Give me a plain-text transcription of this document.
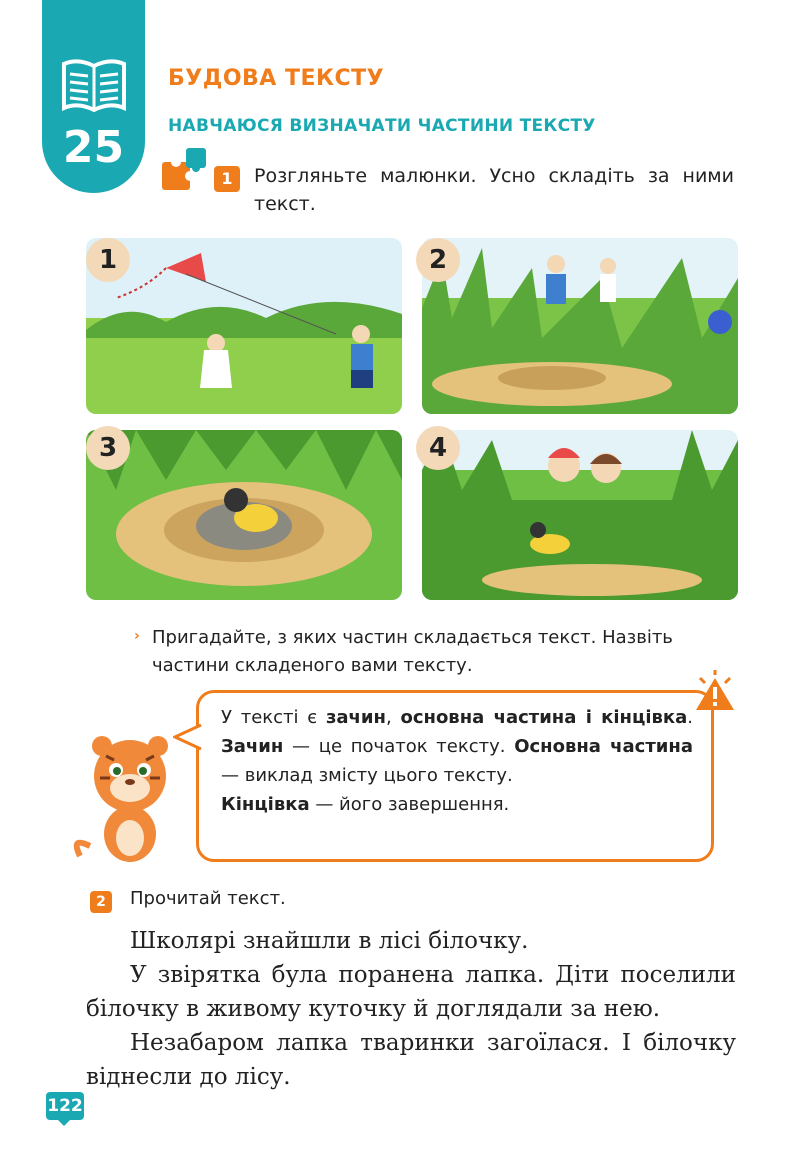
25
БУДОВА ТЕКСТУ
НАВЧАЮСЯ ВИЗНАЧАТИ ЧАСТИНИ ТЕКСТУ
1	Розгляньте малюнки. Усно складіть за ними текст.
1	2
3	4
› Пригадайте, з яких частин складається текст. Назвіть частини складеного вами тексту.
У тексті є зачин, основна частина і кінцівка. Зачин — це початок тексту. Основна частина — виклад змісту цього тексту.
Кінцівка — його завершення.
2	Прочитай текст.

Школярі знайшли в лісі білочку.

У звірятка була поранена лапка. Діти поселили білочку в живому куточку й доглядали за нею.

Незабаром лапка тваринки загоїлася. І білочку віднесли до лісу.

122
